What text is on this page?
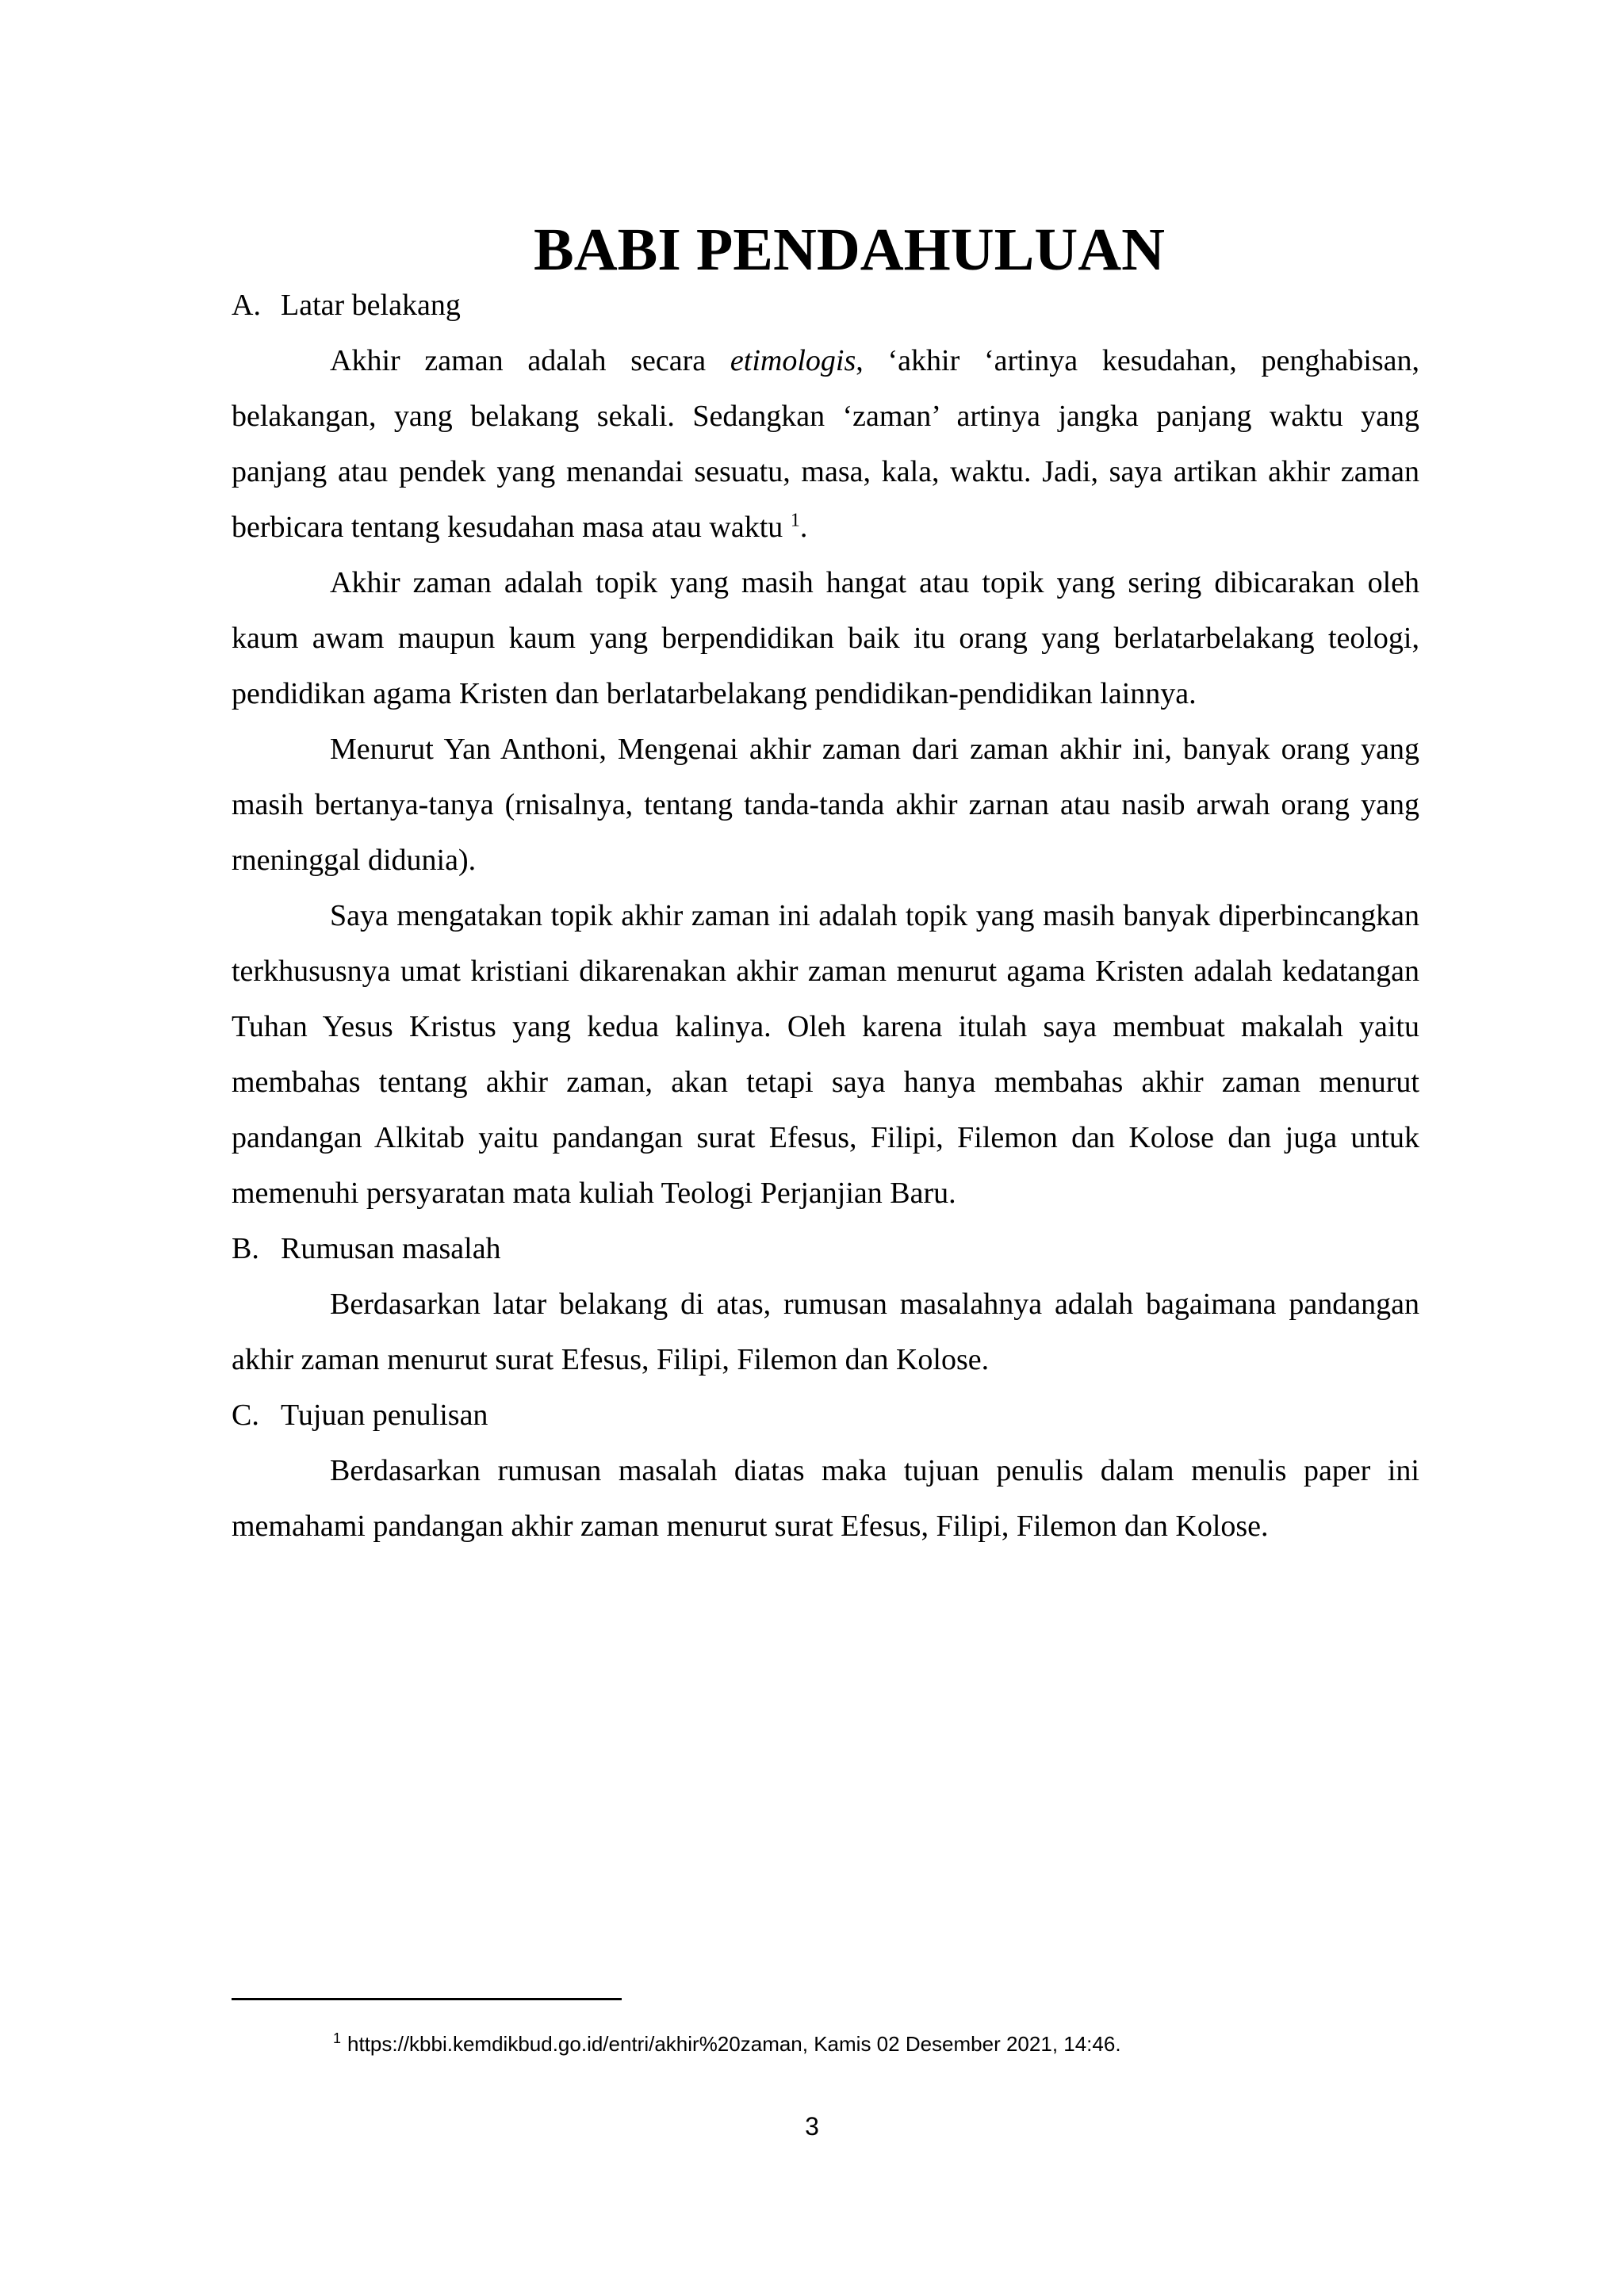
BABI PENDAHULUAN
A. Latar belakang

Akhir zaman adalah secara etimologis, ‘akhir ‘artinya kesudahan, penghabisan, belakangan, yang belakang sekali. Sedangkan ‘zaman’ artinya jangka panjang waktu yang panjang atau pendek yang menandai sesuatu, masa, kala, waktu. Jadi, saya artikan akhir zaman berbicara tentang kesudahan masa atau waktu $^1$.

Akhir zaman adalah topik yang masih hangat atau topik yang sering dibicarakan oleh kaum awam maupun kaum yang berpendidikan baik itu orang yang berlatarbelakang teologi, pendidikan agama Kristen dan berlatarbelakang pendidikan-pendidikan lainnya.

Menurut Yan Anthoni, Mengenai akhir zaman dari zaman akhir ini, banyak orang yang masih bertanya-tanya (rnisalnya, tentang tanda-tanda akhir zarnan atau nasib arwah orang yang rneninggal didunia).

Saya mengatakan topik akhir zaman ini adalah topik yang masih banyak diperbincangkan terkhususnya umat kristiani dikarenakan akhir zaman menurut agama Kristen adalah kedatangan Tuhan Yesus Kristus yang kedua kalinya. Oleh karena itulah saya membuat makalah yaitu membahas tentang akhir zaman, akan tetapi saya hanya membahas akhir zaman menurut pandangan Alkitab yaitu pandangan surat Efesus, Filipi, Filemon dan Kolose dan juga untuk memenuhi persyaratan mata kuliah Teologi Perjanjian Baru.

B. Rumusan masalah

Berdasarkan latar belakang di atas, rumusan masalahnya adalah bagaimana pandangan akhir zaman menurut surat Efesus, Filipi, Filemon dan Kolose.

C. Tujuan penulisan

Berdasarkan rumusan masalah diatas maka tujuan penulis dalam menulis paper ini memahami pandangan akhir zaman menurut surat Efesus, Filipi, Filemon dan Kolose.

$^1$ https://kbbi.kemdikbud.go.id/entri/akhir%20zaman, Kamis 02 Desember 2021, 14:46.
3
